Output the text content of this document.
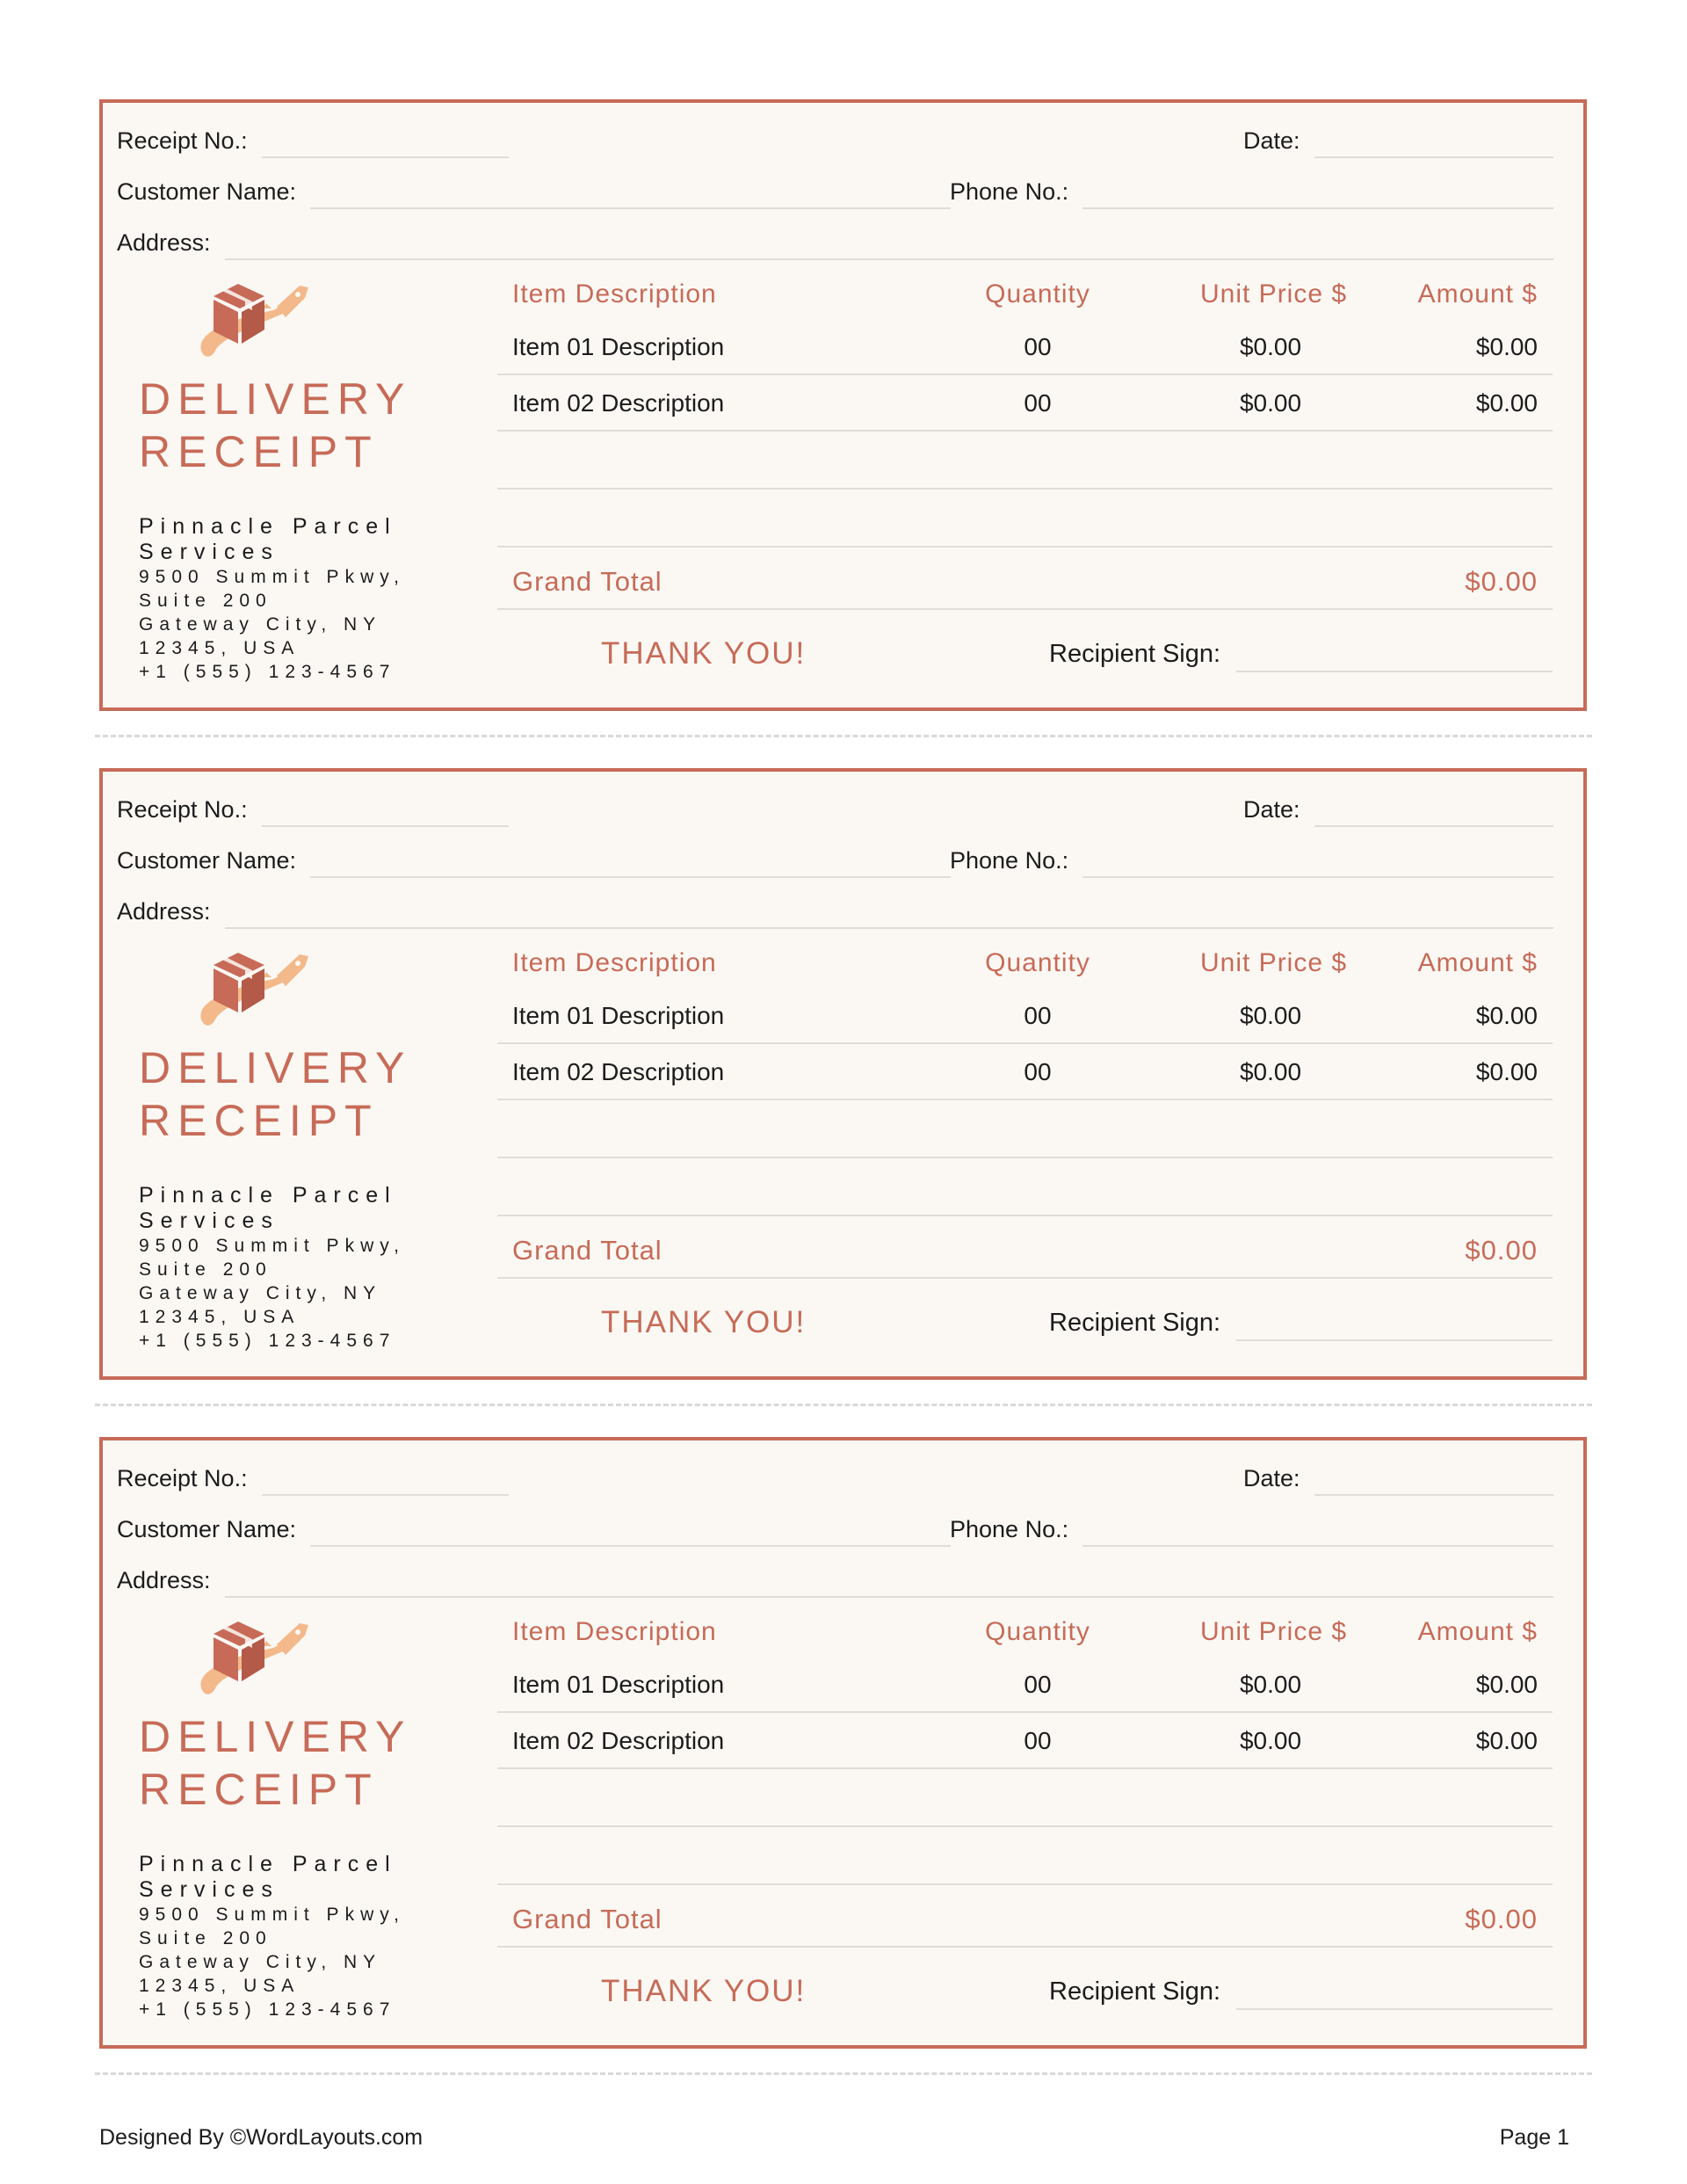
Receipt No.:	Date:
Customer Name:	Phone No.:
Address:
DELIVERY
RECEIPT
Pinnacle Parcel
Services
9500 Summit Pkwy,
Suite 200
Gateway City, NY
12345, USA
+1 (555) 123-4567
Item Description	Quantity	Unit Price $	Amount $
Item 01 Description	00	$0.00	$0.00
Item 02 Description	00	$0.00	$0.00
Grand Total	$0.00
THANK YOU!	Recipient Sign:
Receipt No.:	Date:
Customer Name:	Phone No.:
Address:
DELIVERY
RECEIPT
Pinnacle Parcel
Services
9500 Summit Pkwy,
Suite 200
Gateway City, NY
12345, USA
+1 (555) 123-4567
Item Description	Quantity	Unit Price $	Amount $
Item 01 Description	00	$0.00	$0.00
Item 02 Description	00	$0.00	$0.00
Grand Total	$0.00
THANK YOU!	Recipient Sign:
Receipt No.:	Date:
Customer Name:	Phone No.:
Address:
DELIVERY
RECEIPT
Pinnacle Parcel
Services
9500 Summit Pkwy,
Suite 200
Gateway City, NY
12345, USA
+1 (555) 123-4567
Item Description	Quantity	Unit Price $	Amount $
Item 01 Description	00	$0.00	$0.00
Item 02 Description	00	$0.00	$0.00
Grand Total	$0.00
THANK YOU!	Recipient Sign:
Designed By ©WordLayouts.com	Page 1
